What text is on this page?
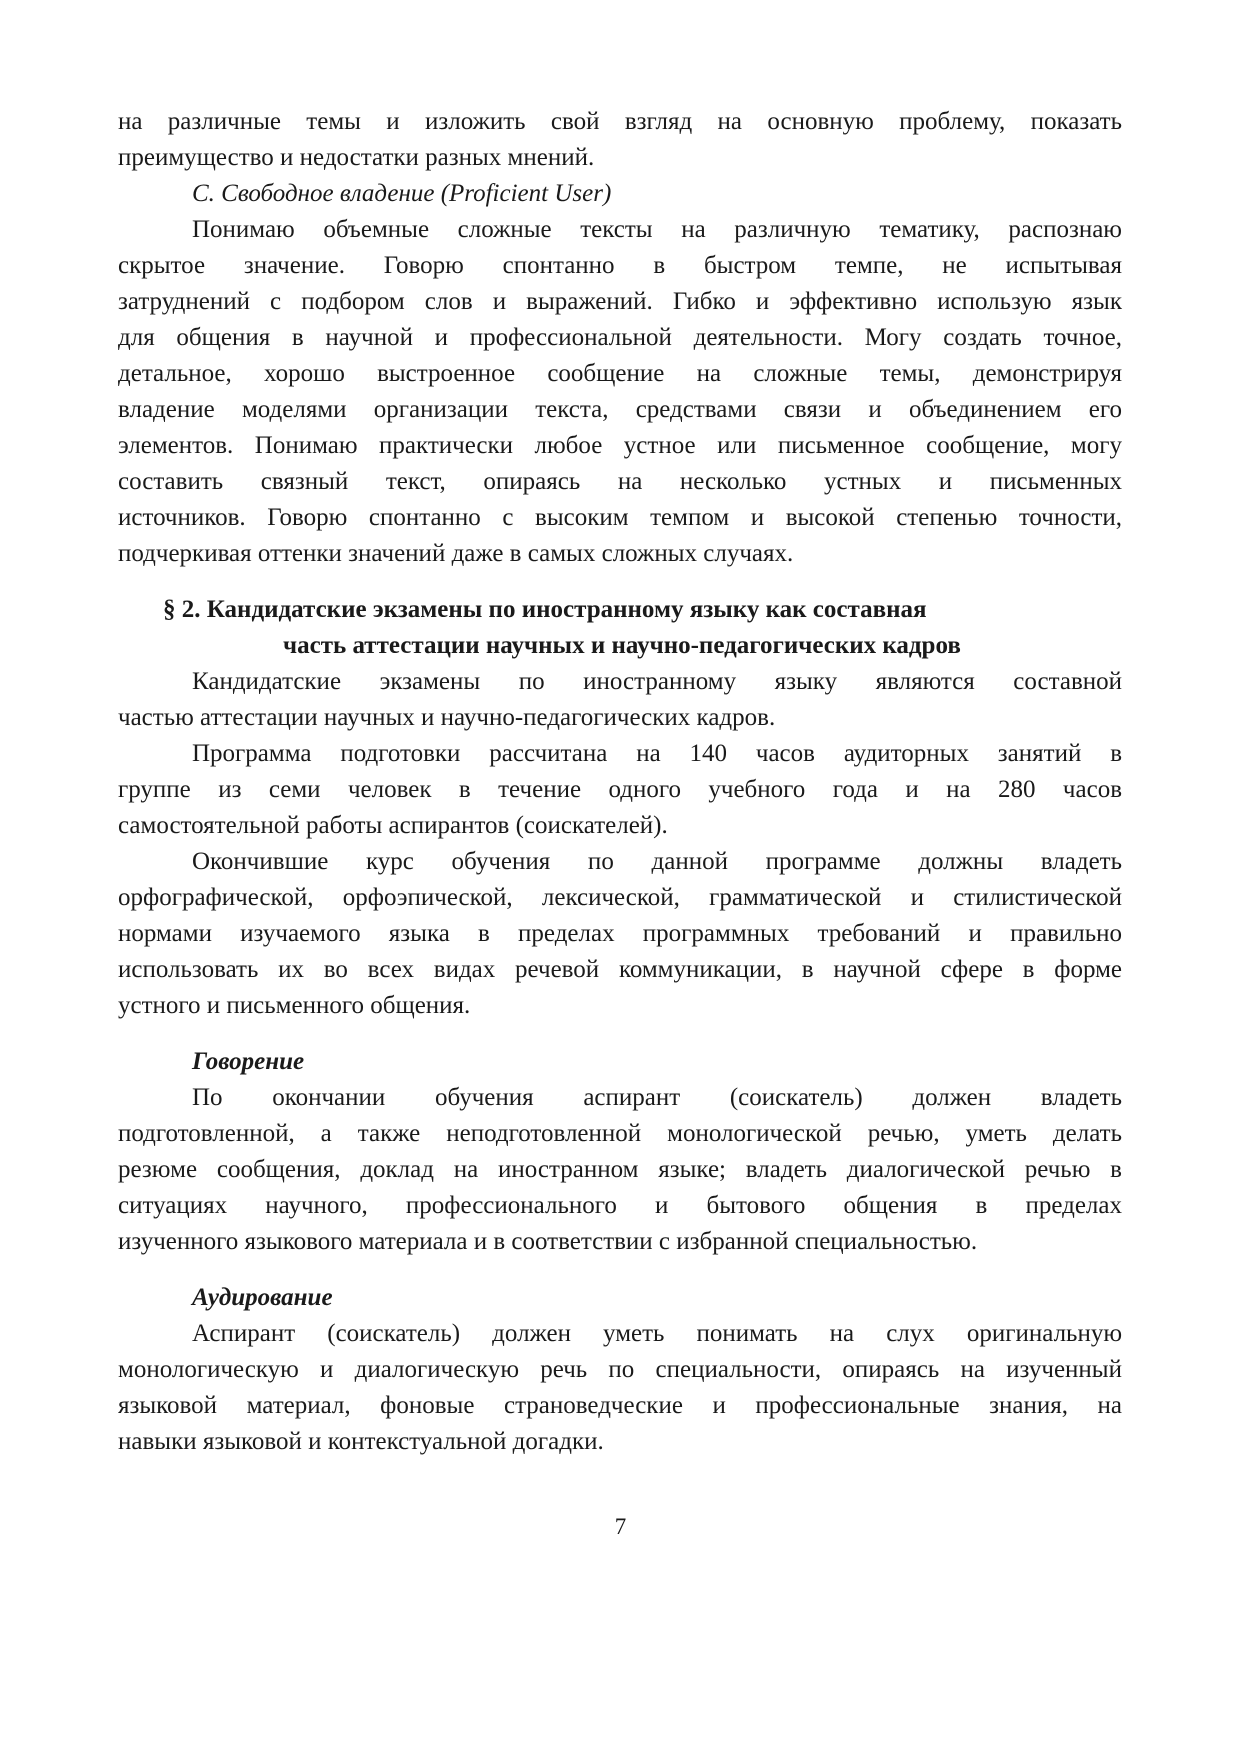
на различные темы и изложить свой взгляд на основную проблему, показать
преимущество и недостатки разных мнений.
C. Свободное владение (Proficient User)
Понимаю объемные сложные тексты на различную тематику, распознаю
скрытое значение. Говорю спонтанно в быстром темпе, не испытывая
затруднений с подбором слов и выражений. Гибко и эффективно использую язык
для общения в научной и профессиональной деятельности. Могу создать точное,
детальное, хорошо выстроенное сообщение на сложные темы, демонстрируя
владение моделями организации текста, средствами связи и объединением его
элементов. Понимаю практически любое устное или письменное сообщение, могу
составить связный текст, опираясь на несколько устных и письменных
источников. Говорю спонтанно с высоким темпом и высокой степенью точности,
подчеркивая оттенки значений даже в самых сложных случаях.
§ 2. Кандидатские экзамены по иностранному языку как составная
часть аттестации научных и научно-педагогических кадров
Кандидатские экзамены по иностранному языку являются составной
частью аттестации научных и научно-педагогических кадров.
Программа подготовки рассчитана на 140 часов аудиторных занятий в
группе из семи человек в течение одного учебного года и на 280 часов
самостоятельной работы аспирантов (соискателей).
Окончившие курс обучения по данной программе должны владеть
орфографической, орфоэпической, лексической, грамматической и стилистической
нормами изучаемого языка в пределах программных требований и правильно
использовать их во всех видах речевой коммуникации, в научной сфере в форме
устного и письменного общения.
Говорение
По окончании обучения аспирант (соискатель) должен владеть
подготовленной, а также неподготовленной монологической речью, уметь делать
резюме сообщения, доклад на иностранном языке; владеть диалогической речью в
ситуациях научного, профессионального и бытового общения в пределах
изученного языкового материала и в соответствии с избранной специальностью.
Аудирование
Аспирант (соискатель) должен уметь понимать на слух оригинальную
монологическую и диалогическую речь по специальности, опираясь на изученный
языковой материал, фоновые страноведческие и профессиональные знания, на
навыки языковой и контекстуальной догадки.
7
